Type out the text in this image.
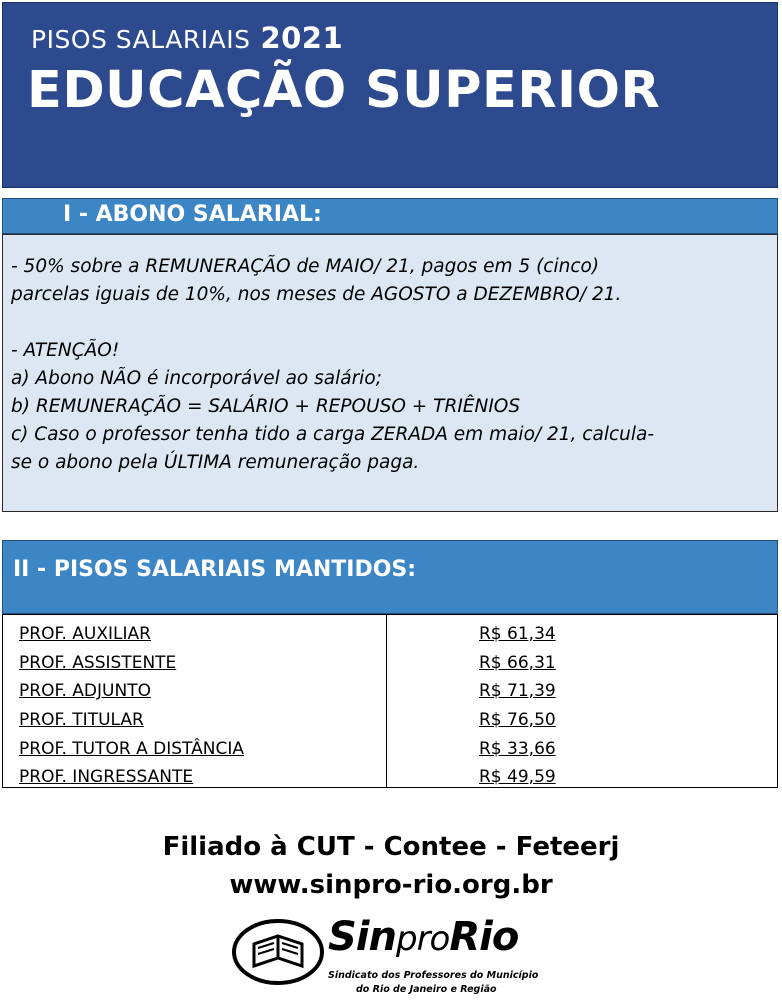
PISOS SALARIAIS 2021
EDUCAÇÃO SUPERIOR
I - ABONO SALARIAL:

- 50% sobre a REMUNERAÇÃO de MAIO/ 21, pagos em 5 (cinco)

parcelas iguais de 10%, nos meses de AGOSTO a DEZEMBRO/ 21.

- ATENÇÃO!

a) Abono NÃO é incorporável ao salário;

b) REMUNERAÇÃO = SALÁRIO + REPOUSO + TRIÊNIOS

c) Caso o professor tenha tido a carga ZERADA em maio/ 21, calcula-

se o abono pela ÚLTIMA remuneração paga.

II - PISOS SALARIAIS MANTIDOS:
PROF. AUXILIAR	R$ 61,34
PROF. ASSISTENTE	R$ 66,31
PROF. ADJUNTO	R$ 71,39
PROF. TITULAR	R$ 76,50
PROF. TUTOR A DISTÂNCIA	R$ 33,66
PROF. INGRESSANTE	R$ 49,59
Filiado à CUT - Contee - Feteerj
www.sinpro-rio.org.br
SinproRio
Sindicato dos Professores do Município
do Rio de Janeiro e Região
